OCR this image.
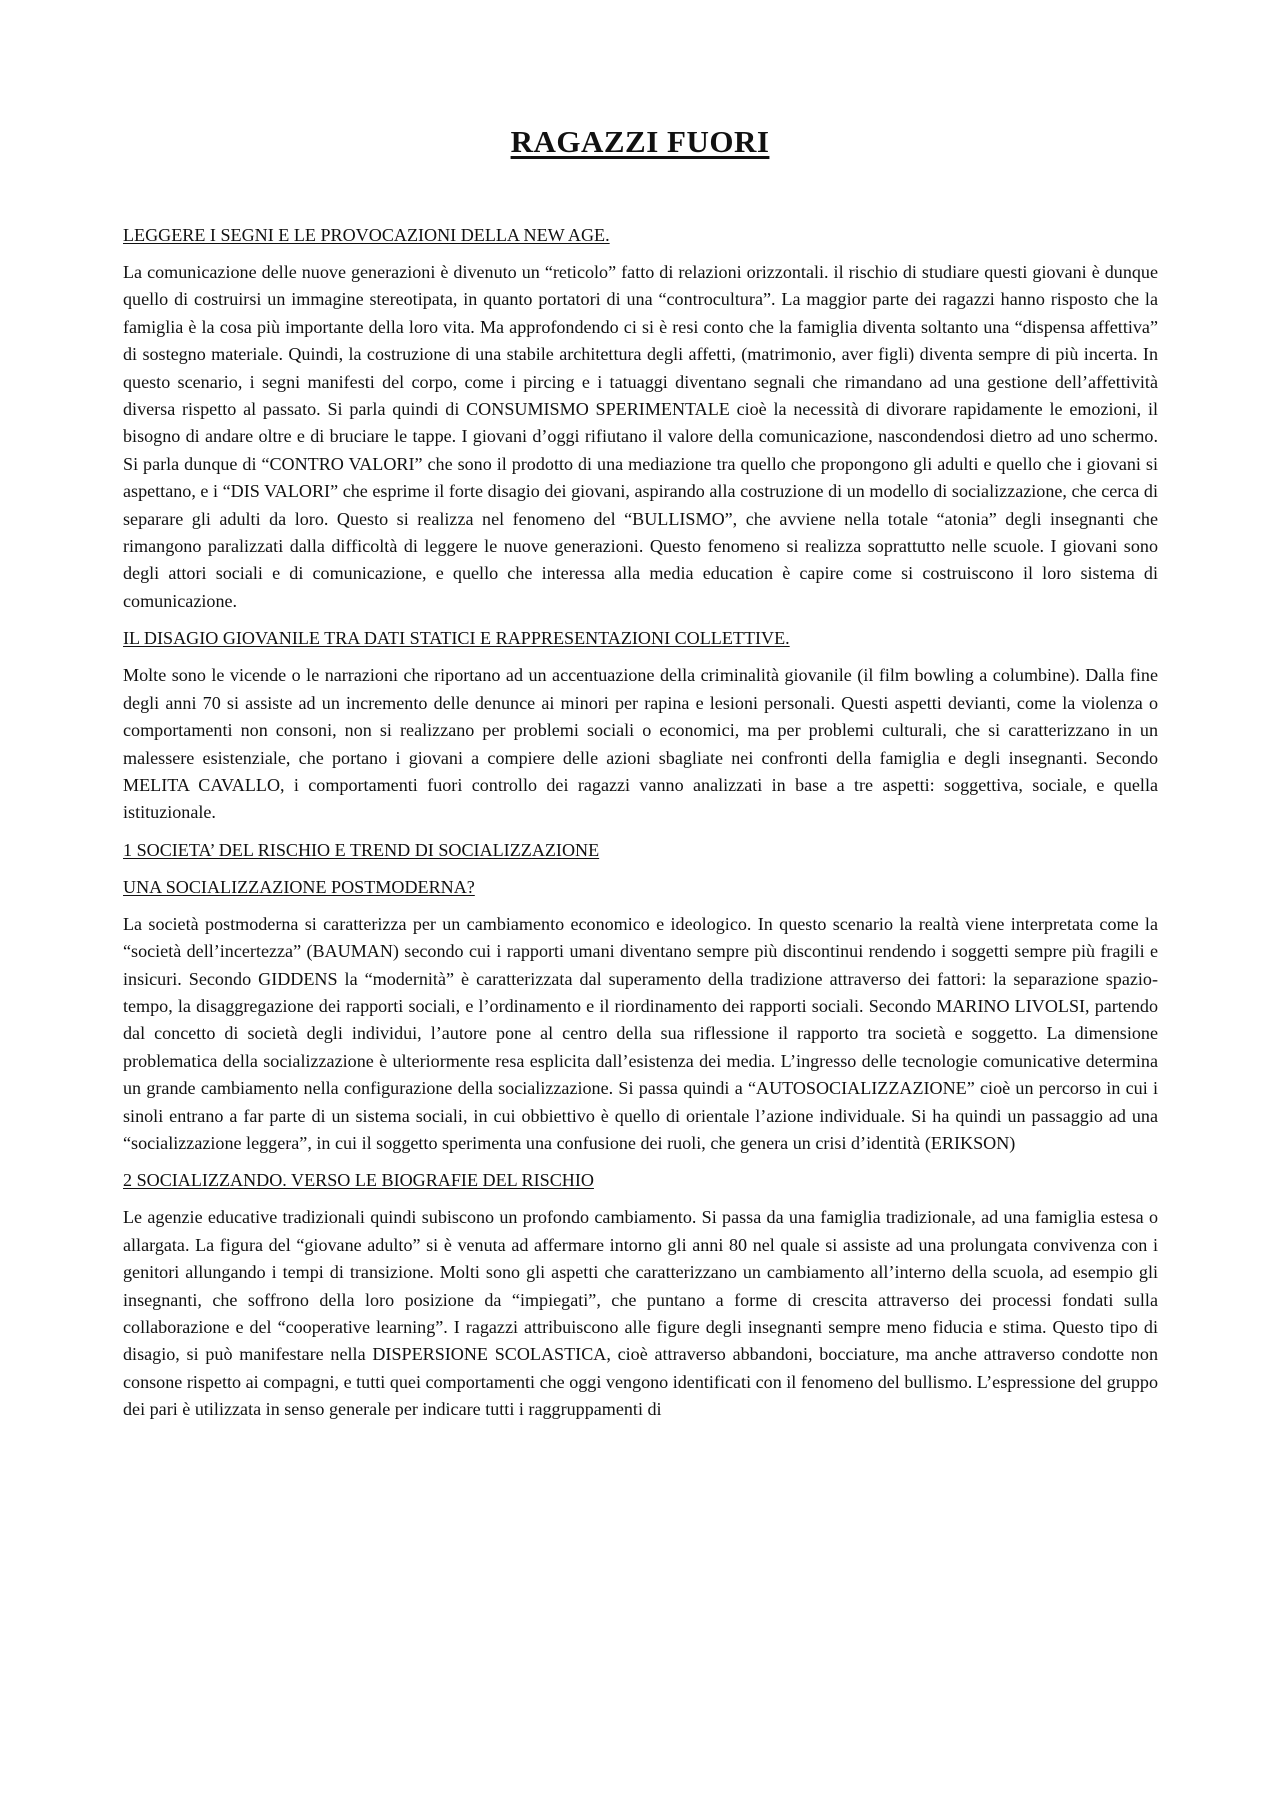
RAGAZZI FUORI

LEGGERE I SEGNI E LE PROVOCAZIONI DELLA NEW AGE.

La comunicazione delle nuove generazioni è divenuto un “reticolo” fatto di relazioni orizzontali. il rischio di studiare questi giovani è dunque quello di costruirsi un immagine stereotipata, in quanto portatori di una “controcultura”. La maggior parte dei ragazzi hanno risposto che la famiglia è la cosa più importante della loro vita. Ma approfondendo ci si è resi conto che la famiglia diventa soltanto una “dispensa affettiva” di sostegno materiale. Quindi, la costruzione di una stabile architettura degli affetti, (matrimonio, aver figli) diventa sempre di più incerta. In questo scenario, i segni manifesti del corpo, come i pircing e i tatuaggi diventano segnali che rimandano ad una gestione dell’affettività diversa rispetto al passato. Si parla quindi di CONSUMISMO SPERIMENTALE cioè la necessità di divorare rapidamente le emozioni, il bisogno di andare oltre e di bruciare le tappe. I giovani d’oggi rifiutano il valore della comunicazione, nascondendosi dietro ad uno schermo. Si parla dunque di “CONTRO VALORI” che sono il prodotto di una mediazione tra quello che propongono gli adulti e quello che i giovani si aspettano, e i “DIS VALORI” che esprime il forte disagio dei giovani, aspirando alla costruzione di un modello di socializzazione, che cerca di separare gli adulti da loro. Questo si realizza nel fenomeno del “BULLISMO”, che avviene nella totale “atonia” degli insegnanti che rimangono paralizzati dalla difficoltà di leggere le nuove generazioni. Questo fenomeno si realizza soprattutto nelle scuole. I giovani sono degli attori sociali e di comunicazione, e quello che interessa alla media education è capire come si costruiscono il loro sistema di comunicazione.

IL DISAGIO GIOVANILE TRA DATI STATICI E RAPPRESENTAZIONI COLLETTIVE.

Molte sono le vicende o le narrazioni che riportano ad un accentuazione della criminalità giovanile (il film bowling a columbine). Dalla fine degli anni 70 si assiste ad un incremento delle denunce ai minori per rapina e lesioni personali. Questi aspetti devianti, come la violenza o comportamenti non consoni, non si realizzano per problemi sociali o economici, ma per problemi culturali, che si caratterizzano in un malessere esistenziale, che portano i giovani a compiere delle azioni sbagliate nei confronti della famiglia e degli insegnanti. Secondo MELITA CAVALLO, i comportamenti fuori controllo dei ragazzi vanno analizzati in base a tre aspetti: soggettiva, sociale, e quella istituzionale.

1 SOCIETA’ DEL RISCHIO E TREND DI SOCIALIZZAZIONE

UNA SOCIALIZZAZIONE POSTMODERNA?

La società postmoderna si caratterizza per un cambiamento economico e ideologico. In questo scenario la realtà viene interpretata come la “società dell’incertezza” (BAUMAN) secondo cui i rapporti umani diventano sempre più discontinui rendendo i soggetti sempre più fragili e insicuri. Secondo GIDDENS la “modernità” è caratterizzata dal superamento della tradizione attraverso dei fattori: la separazione spazio-tempo, la disaggregazione dei rapporti sociali, e l’ordinamento e il riordinamento dei rapporti sociali. Secondo MARINO LIVOLSI, partendo dal concetto di società degli individui, l’autore pone al centro della sua riflessione il rapporto tra società e soggetto. La dimensione problematica della socializzazione è ulteriormente resa esplicita dall’esistenza dei media. L’ingresso delle tecnologie comunicative determina un grande cambiamento nella configurazione della socializzazione. Si passa quindi a “AUTOSOCIALIZZAZIONE” cioè un percorso in cui i sinoli entrano a far parte di un sistema sociali, in cui obbiettivo è quello di orientale l’azione individuale. Si ha quindi un passaggio ad una “socializzazione leggera”, in cui il soggetto sperimenta una confusione dei ruoli, che genera un crisi d’identità (ERIKSON)

2 SOCIALIZZANDO. VERSO LE BIOGRAFIE DEL RISCHIO

Le agenzie educative tradizionali quindi subiscono un profondo cambiamento. Si passa da una famiglia tradizionale, ad una famiglia estesa o allargata. La figura del “giovane adulto” si è venuta ad affermare intorno gli anni 80 nel quale si assiste ad una prolungata convivenza con i genitori allungando i tempi di transizione. Molti sono gli aspetti che caratterizzano un cambiamento all’interno della scuola, ad esempio gli insegnanti, che soffrono della loro posizione da “impiegati”, che puntano a forme di crescita attraverso dei processi fondati sulla collaborazione e del “cooperative learning”. I ragazzi attribuiscono alle figure degli insegnanti sempre meno fiducia e stima. Questo tipo di disagio, si può manifestare nella DISPERSIONE SCOLASTICA, cioè attraverso abbandoni, bocciature, ma anche attraverso condotte non consone rispetto ai compagni, e tutti quei comportamenti che oggi vengono identificati con il fenomeno del bullismo. L’espressione del gruppo dei pari è utilizzata in senso generale per indicare tutti i raggruppamenti di
